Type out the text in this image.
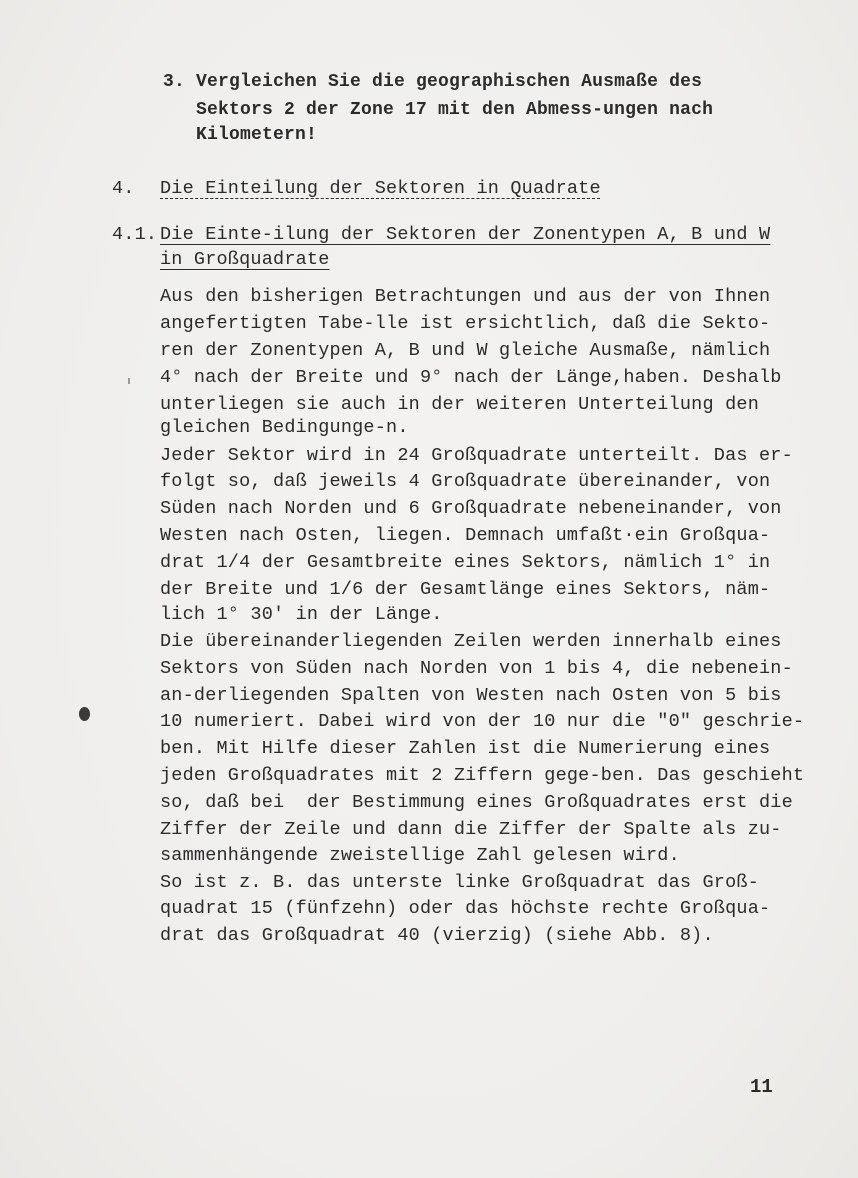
3. Vergleichen Sie die geographischen Ausmaße des
Sektors 2 der Zone 17 mit den Abmess-ungen nach
Kilometern!
4. Die Einteilung der Sektoren in Quadrate
4.1. Die Einte-ilung der Sektoren der Zonentypen A, B und W
in Großquadrate
Aus den bisherigen Betrachtungen und aus der von Ihnen
angefertigten Tabe-lle ist ersichtlich, daß die Sekto-
ren der Zonentypen A, B und W gleiche Ausmaße, nämlich
4° nach der Breite und 9° nach der Länge,haben. Deshalb
unterliegen sie auch in der weiteren Unterteilung den
gleichen Bedingunge-n.
Jeder Sektor wird in 24 Großquadrate unterteilt. Das er-
folgt so, daß jeweils 4 Großquadrate übereinander, von
Süden nach Norden und 6 Großquadrate nebeneinander, von
Westen nach Osten, liegen. Demnach umfaßt·ein Großqua-
drat 1/4 der Gesamtbreite eines Sektors, nämlich 1° in
der Breite und 1/6 der Gesamtlänge eines Sektors, näm-
lich 1° 30' in der Länge.
Die übereinanderliegenden Zeilen werden innerhalb eines
Sektors von Süden nach Norden von 1 bis 4, die nebenein-
an-derliegenden Spalten von Westen nach Osten von 5 bis
10 numeriert. Dabei wird von der 10 nur die "0" geschrie-
ben. Mit Hilfe dieser Zahlen ist die Numerierung eines
jeden Großquadrates mit 2 Ziffern gege-ben. Das geschieht
so, daß bei  der Bestimmung eines Großquadrates erst die
Ziffer der Zeile und dann die Ziffer der Spalte als zu-
sammenhängende zweistellige Zahl gelesen wird.
So ist z. B. das unterste linke Großquadrat das Groß-
quadrat 15 (fünfzehn) oder das höchste rechte Großqua-
drat das Großquadrat 40 (vierzig) (siehe Abb. 8).
11
